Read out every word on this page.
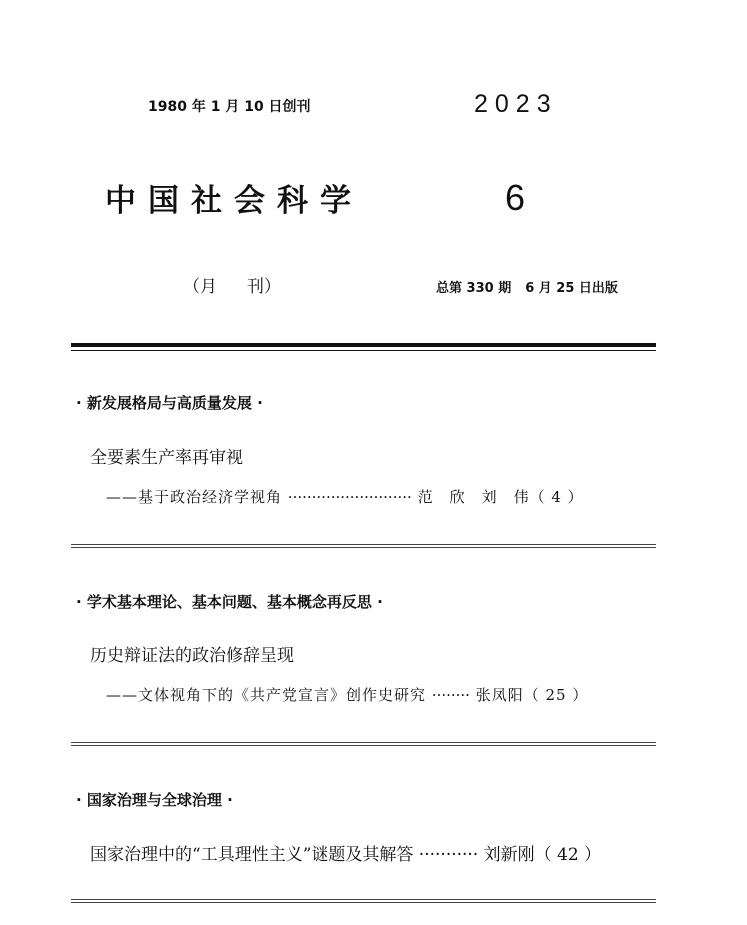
1980 年 1 月 10 日创刊	2023
中国社会科学	6
（月 刊）	总第 330 期 6 月 25 日出版
· 新发展格局与高质量发展 ·
全要素生产率再审视
——基于政治经济学视角 ·························· 范　欣　刘　伟（ 4 ）
· 学术基本理论、基本问题、基本概念再反思 ·
历史辩证法的政治修辞呈现
——文体视角下的《共产党宣言》创作史研究 ········ 张凤阳（ 25 ）
· 国家治理与全球治理 ·
国家治理中的“工具理性主义”谜题及其解答 ··········· 刘新刚（ 42 ）
